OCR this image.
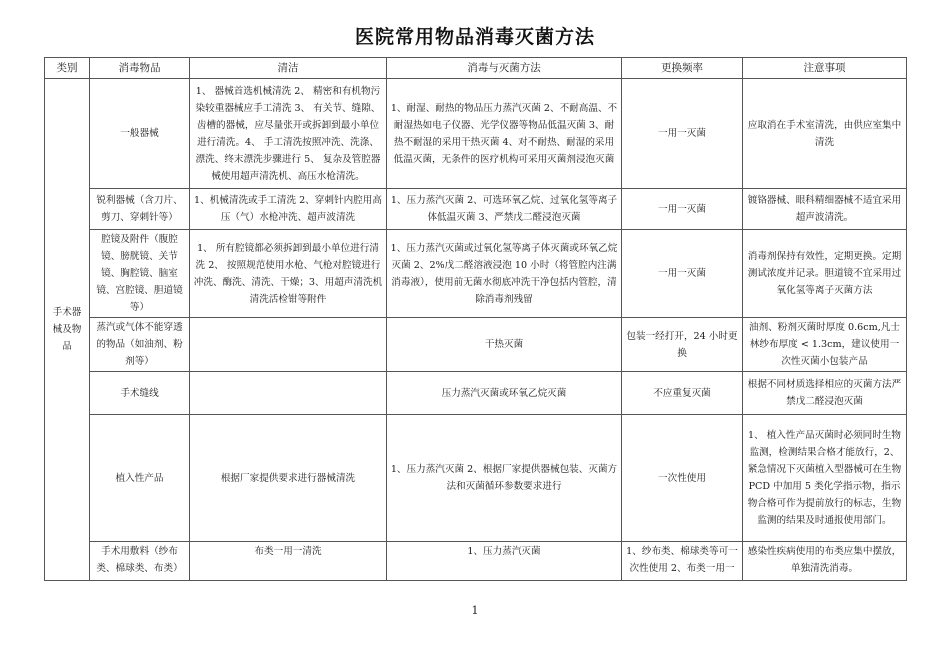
医院常用物品消毒灭菌方法
类别	消毒物品	清洁	消毒与灭菌方法	更换频率	注意事项
手术器械及物品	一般器械	1、 器械首选机械清洗 2、 精密和有机物污染较重器械应手工清洗 3、 有关节、缝隙、齿槽的器械，应尽量张开或拆卸到最小单位进行清洗。4、 手工清洗按照冲洗、洗涤、漂洗、终末漂洗步骤进行 5、 复杂及管腔器械使用超声清洗机、高压水枪清洗。	1、耐湿、耐热的物品压力蒸汽灭菌 2、不耐高温、不耐湿热如电子仪器、光学仪器等物品低温灭菌 3、耐热不耐湿的采用干热灭菌 4、对不耐热、耐湿的采用低温灭菌，无条件的医疗机构可采用灭菌剂浸泡灭菌	一用一灭菌	应取消在手术室清洗，由供应室集中清洗
	锐利器械（含刀片、剪刀、穿刺针等）	1、机械清洗或手工清洗 2、穿刺针内腔用高压（气）水枪冲洗、超声波清洗	1、压力蒸汽灭菌 2、可选环氧乙烷、过氧化氢等离子体低温灭菌 3、严禁戊二醛浸泡灭菌	一用一灭菌	镀铬器械、眼科精细器械不适宜采用超声波清洗。
	腔镜及附件（腹腔镜、膀胱镜、关节镜、胸腔镜、脑室镜、宫腔镜、胆道镜等）	1、 所有腔镜都必须拆卸到最小单位进行清洗 2、 按照规范使用水枪、气枪对腔镜进行冲洗、酶洗、清洗、干燥；3、用超声清洗机清洗活检钳等附件	1、压力蒸汽灭菌或过氧化氢等离子体灭菌或环氧乙烷灭菌 2、2%戊二醛溶液浸泡 10 小时（将管腔内注满消毒液），使用前无菌水彻底冲洗干净包括内管腔，清除消毒剂残留	一用一灭菌	消毒剂保持有效性，定期更换。定期测试浓度并记录。胆道镜不宜采用过氧化氢等离子灭菌方法
	蒸汽或气体不能穿透的物品（如油剂、粉剂等）		干热灭菌	包装一经打开，24 小时更换	油剂、粉剂灭菌时厚度 0.6cm,凡士林纱布厚度 < 1.3cm，建议使用一次性灭菌小包装产品
	手术缝线		压力蒸汽灭菌或环氧乙烷灭菌	不应重复灭菌	根据不同材质选择相应的灭菌方法严禁戊二醛浸泡灭菌
	植入性产品	根据厂家提供要求进行器械清洗	1、压力蒸汽灭菌 2、根据厂家提供器械包装、灭菌方法和灭菌循环参数要求进行	一次性使用	1、 植入性产品灭菌时必须同时生物监测，检测结果合格才能放行，2、紧急情况下灭菌植入型器械可在生物 PCD 中加用 5 类化学指示物，指示物合格可作为提前放行的标志，生物监测的结果及时通报使用部门。
	手术用敷料（纱布类、棉球类、布类）	布类一用一清洗	1、压力蒸汽灭菌	1、纱布类、棉球类等可一次性使用 2、布类一用一	感染性疾病使用的布类应集中摆放，单独清洗消毒。
1
